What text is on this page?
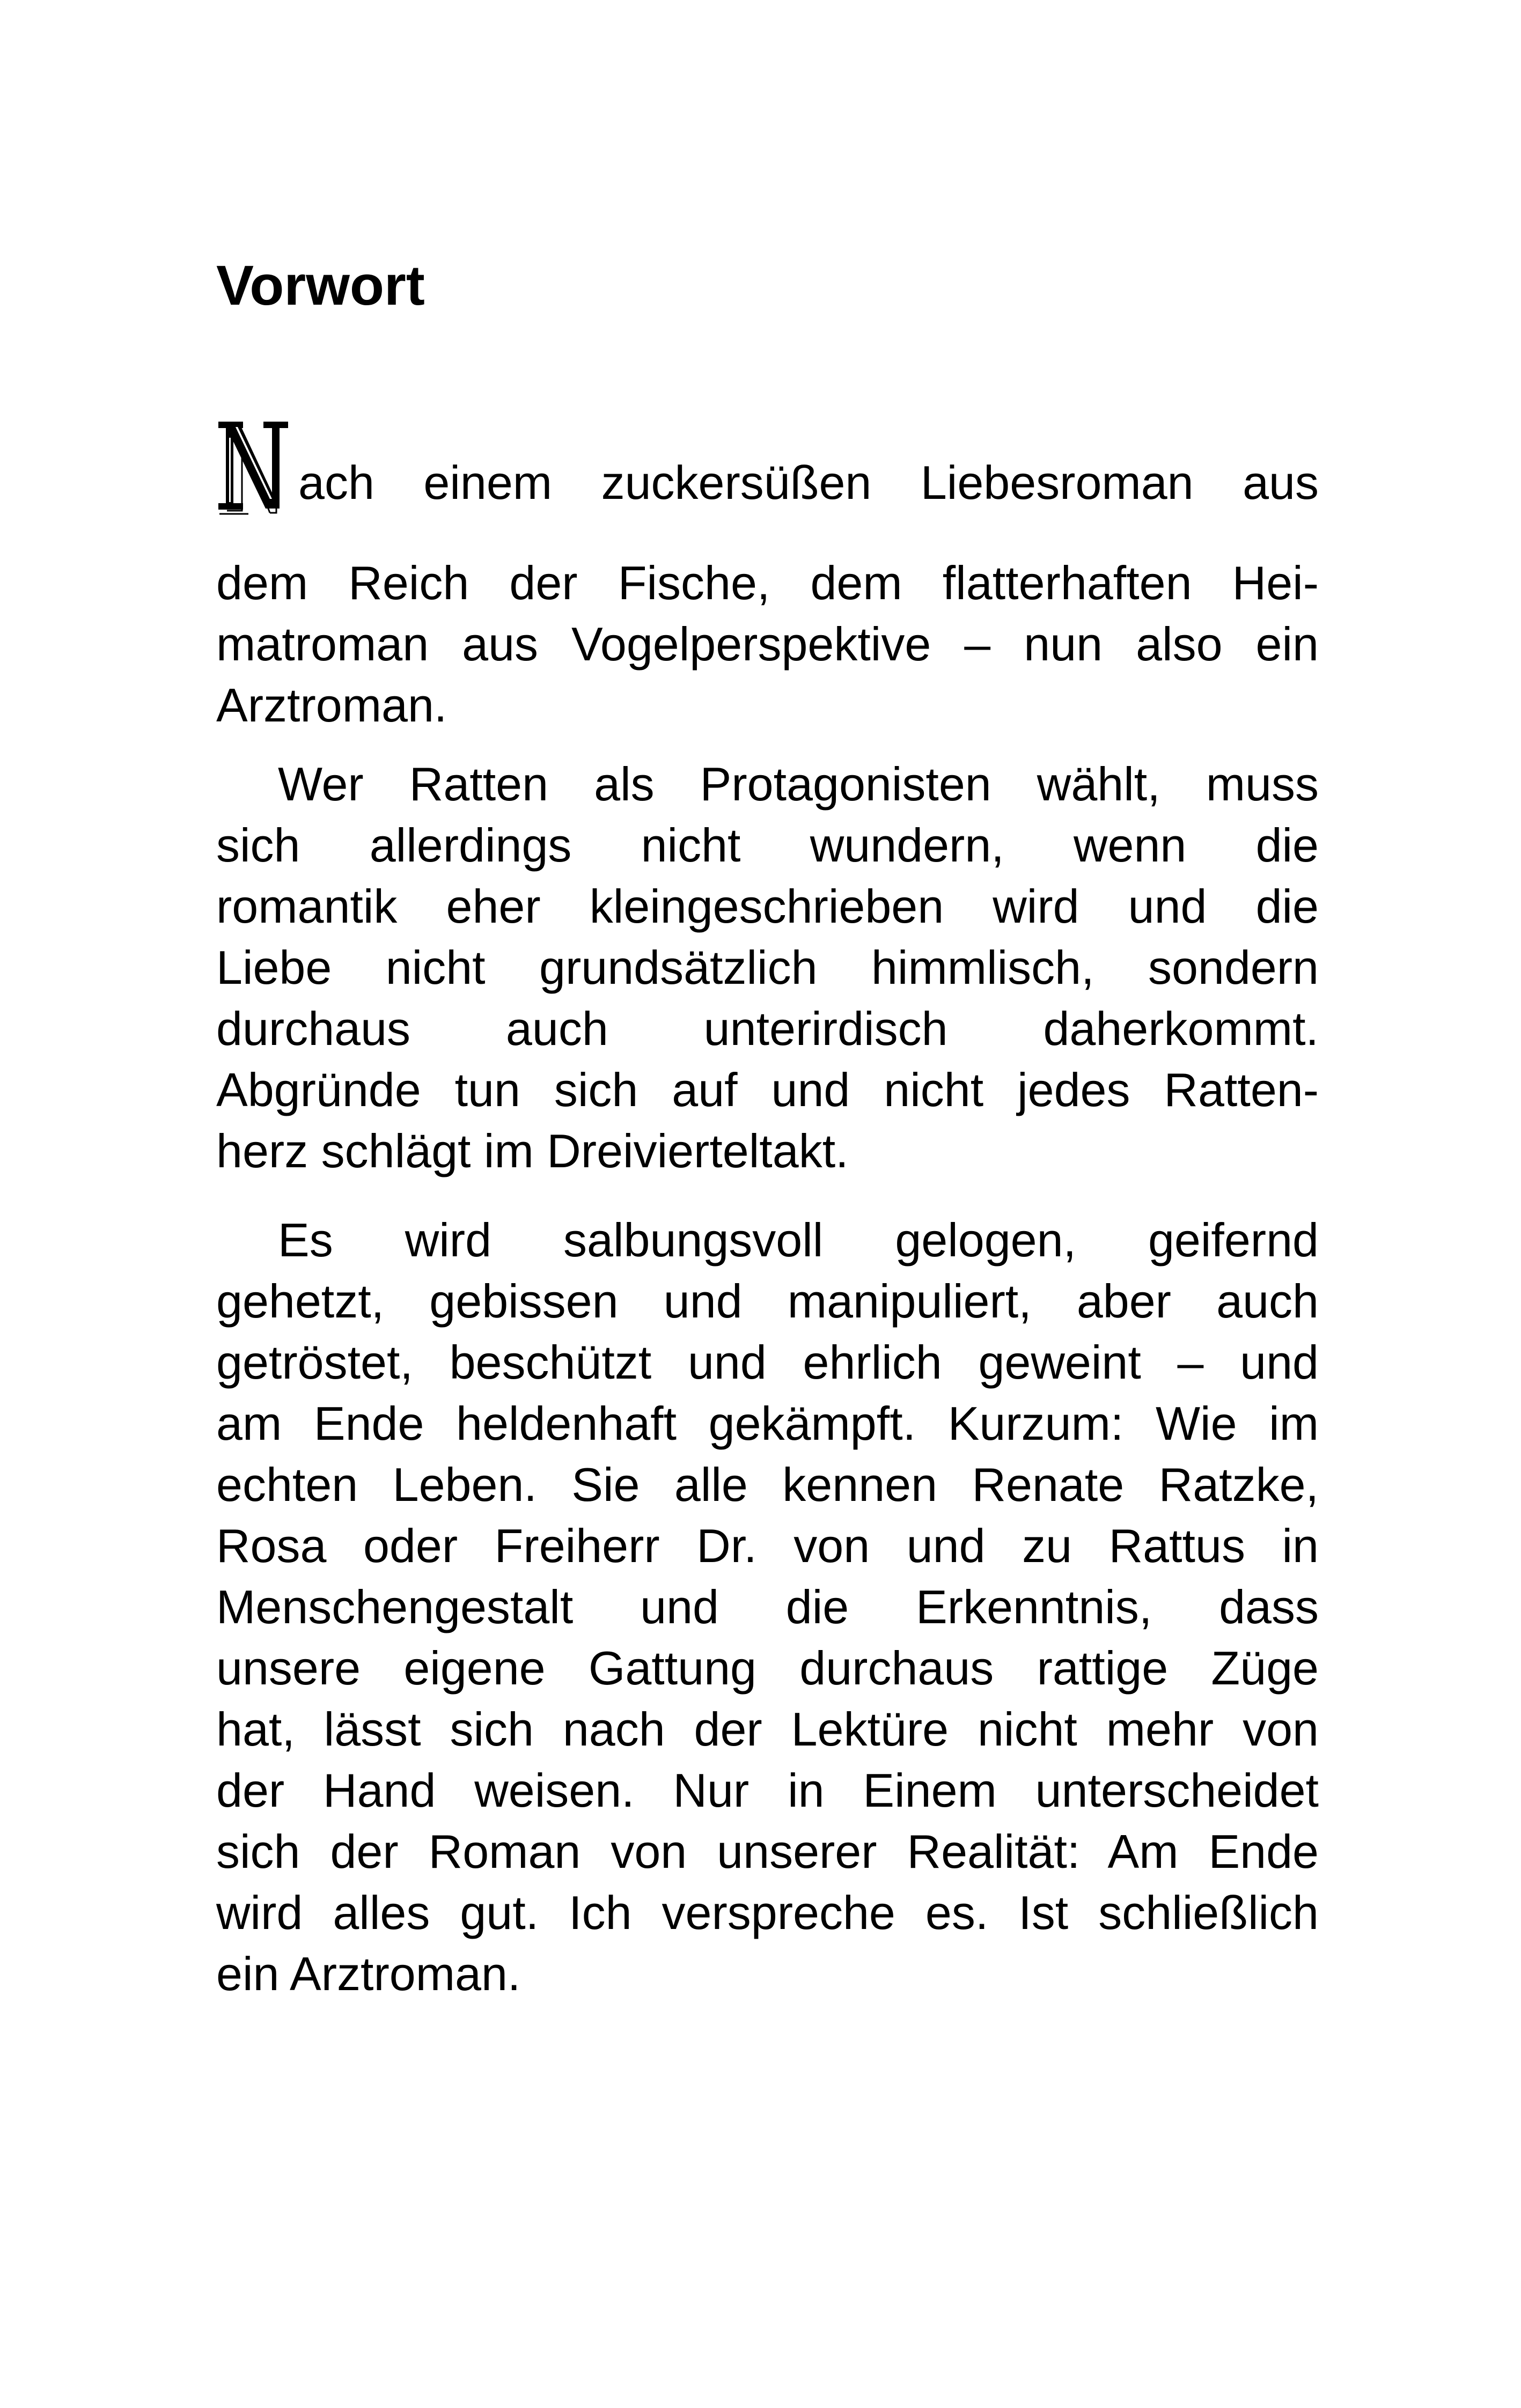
Vorwort
N
ach einem zuckersüßen Liebesroman aus
dem Reich der Fische, dem flatterhaften Hei-
matroman aus Vogelperspektive – nun also ein
Arztroman.
Wer Ratten als Protagonisten wählt, muss
sich allerdings nicht wundern, wenn die
romantik eher kleingeschrieben wird und die
Liebe nicht grundsätzlich himmlisch, sondern
durchaus auch unterirdisch daherkommt.
Abgründe tun sich auf und nicht jedes Ratten-
herz schlägt im Dreivierteltakt.
Es wird salbungsvoll gelogen, geifernd
gehetzt, gebissen und manipuliert, aber auch
getröstet, beschützt und ehrlich geweint – und
am Ende heldenhaft gekämpft. Kurzum: Wie im
echten Leben. Sie alle kennen Renate Ratzke,
Rosa oder Freiherr Dr. von und zu Rattus in
Menschengestalt und die Erkenntnis, dass
unsere eigene Gattung durchaus rattige Züge
hat, lässt sich nach der Lektüre nicht mehr von
der Hand weisen. Nur in Einem unterscheidet
sich der Roman von unserer Realität: Am Ende
wird alles gut. Ich verspreche es. Ist schließlich
ein Arztroman.
